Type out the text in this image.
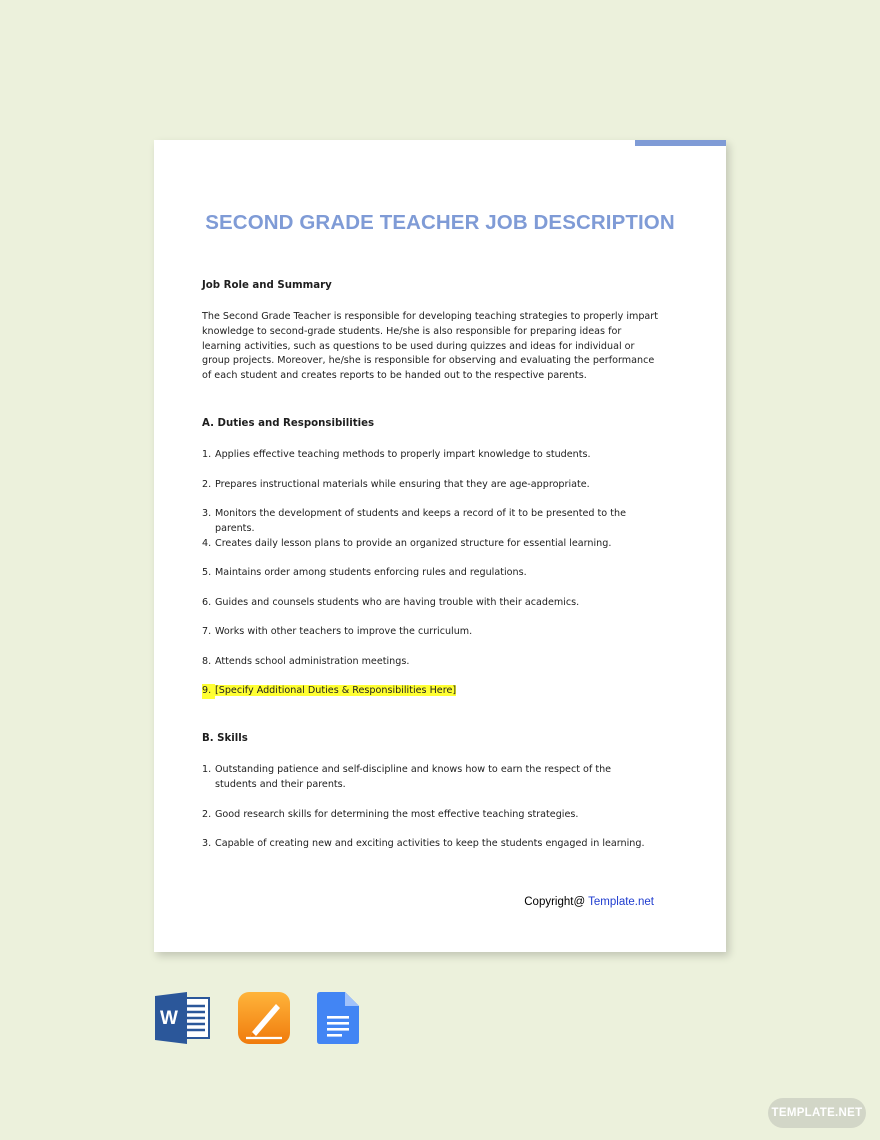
SECOND GRADE TEACHER JOB DESCRIPTION
Job Role and Summary

The Second Grade Teacher is responsible for developing teaching strategies to properly impart knowledge to second-grade students. He/she is also responsible for preparing ideas for learning activities, such as questions to be used during quizzes and ideas for individual or group projects. Moreover, he/she is responsible for observing and evaluating the performance of each student and creates reports to be handed out to the respective parents.

A. Duties and Responsibilities
1. Applies effective teaching methods to properly impart knowledge to students.
2. Prepares instructional materials while ensuring that they are age-appropriate.
3. Monitors the development of students and keeps a record of it to be presented to the parents.
4. Creates daily lesson plans to provide an organized structure for essential learning.
5. Maintains order among students enforcing rules and regulations.
6. Guides and counsels students who are having trouble with their academics.
7. Works with other teachers to improve the curriculum.
8. Attends school administration meetings.
9. [Specify Additional Duties & Responsibilities Here]
B. Skills
1. Outstanding patience and self-discipline and knows how to earn the respect of the students and their parents.
2. Good research skills for determining the most effective teaching strategies.
3. Capable of creating new and exciting activities to keep the students engaged in learning.
Copyright@ Template.net
W
TEMPLATE.NET
